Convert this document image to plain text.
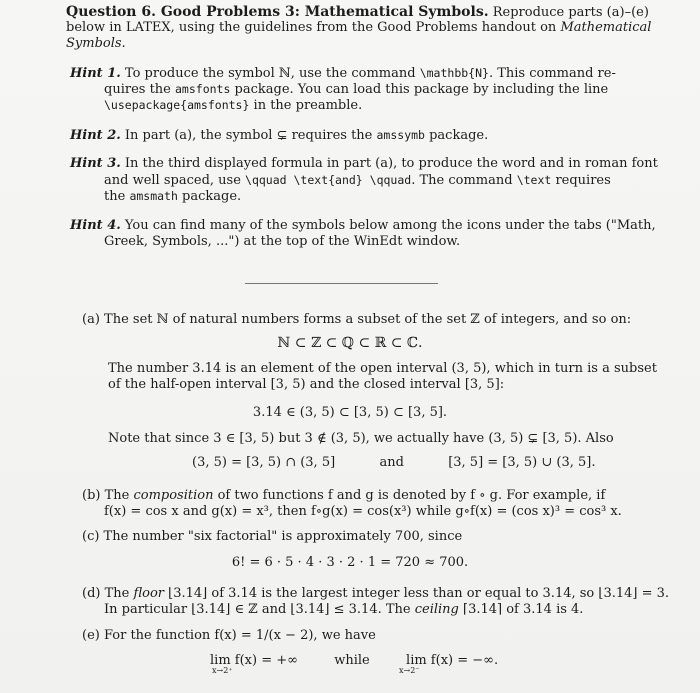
Question 6. Good Problems 3: Mathematical Symbols. Reproduce parts (a)–(e)
below in LATEX, using the guidelines from the Good Problems handout on Mathematical
Symbols.
Hint 1. To produce the symbol ℕ, use the command \mathbb{N}. This command re-
quires the amsfonts package. You can load this package by including the line
\usepackage{amsfonts} in the preamble.
Hint 2. In part (a), the symbol ⊊ requires the amssymb package.
Hint 3. In the third displayed formula in part (a), to produce the word and in roman font
and well spaced, use \qquad \text{and} \qquad. The command \text requires
the amsmath package.
Hint 4. You can find many of the symbols below among the icons under the tabs ("Math,
Greek, Symbols, ...") at the top of the WinEdt window.
(a) The set ℕ of natural numbers forms a subset of the set ℤ of integers, and so on:
ℕ ⊂ ℤ ⊂ ℚ ⊂ ℝ ⊂ ℂ.
The number 3.14 is an element of the open interval (3, 5), which in turn is a subset
of the half-open interval [3, 5) and the closed interval [3, 5]:
3.14 ∈ (3, 5) ⊂ [3, 5) ⊂ [3, 5].
Note that since 3 ∈ [3, 5) but 3 ∉ (3, 5), we actually have (3, 5) ⊊ [3, 5). Also
(3, 5) = [3, 5) ∩ (3, 5]	and	[3, 5] = [3, 5) ∪ (3, 5].
(b) The composition of two functions f and g is denoted by f ∘ g. For example, if
f(x) = cos x and g(x) = x³, then f∘g(x) = cos(x³) while g∘f(x) = (cos x)³ = cos³ x.
(c) The number "six factorial" is approximately 700, since
6! = 6 · 5 · 4 · 3 · 2 · 1 = 720 ≈ 700.
(d) The floor ⌊3.14⌋ of 3.14 is the largest integer less than or equal to 3.14, so ⌊3.14⌋ = 3.
In particular ⌊3.14⌋ ∈ ℤ and ⌊3.14⌋ ≤ 3.14. The ceiling ⌈3.14⌉ of 3.14 is 4.
(e) For the function f(x) = 1/(x − 2), we have
lim f(x) = +∞	while	lim f(x) = −∞.
x→2⁺	x→2⁻
